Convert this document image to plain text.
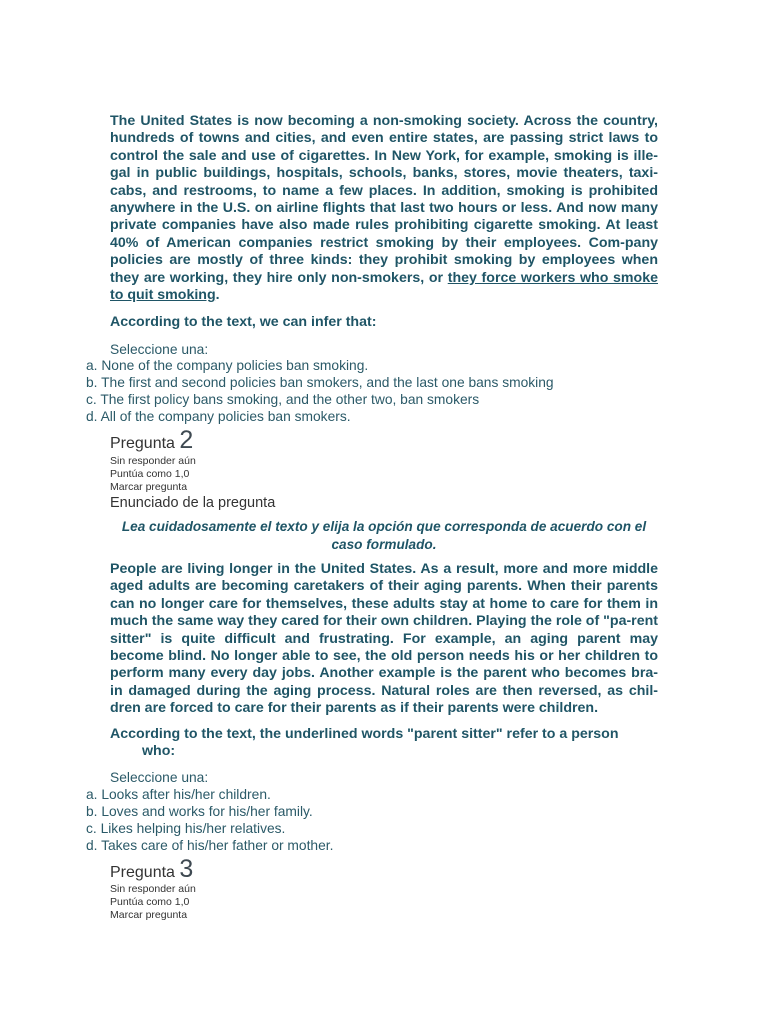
The United States is now becoming a non-smoking society. Across the country, hundreds of towns and cities, and even entire states, are passing strict laws to control the sale and use of cigarettes. In New York, for example, smoking is ille-gal in public buildings, hospitals, schools, banks, stores, movie theaters, taxi-cabs, and restrooms, to name a few places. In addition, smoking is prohibited anywhere in the U.S. on airline flights that last two hours or less. And now many private companies have also made rules prohibiting cigarette smoking. At least 40% of American companies restrict smoking by their employees. Com-pany policies are mostly of three kinds: they prohibit smoking by employees when they are working, they hire only non-smokers, or they force workers who smoke to quit smoking.

According to the text, we can infer that:

Seleccione una:

a. None of the company policies ban smoking.
b. The first and second policies ban smokers, and the last one bans smoking
c. The first policy bans smoking, and the other two, ban smokers
d. All of the company policies ban smokers.

Pregunta 2

Sin responder aún

Puntúa como 1,0

Marcar pregunta

Enunciado de la pregunta

Lea cuidadosamente el texto y elija la opción que corresponda de acuerdo con el caso formulado.

People are living longer in the United States. As a result, more and more middle aged adults are becoming caretakers of their aging parents. When their parents can no longer care for themselves, these adults stay at home to care for them in much the same way they cared for their own children. Playing the role of "pa-rent sitter" is quite difficult and frustrating. For example, an aging parent may become blind. No longer able to see, the old person needs his or her children to perform many every day jobs. Another example is the parent who becomes bra-in damaged during the aging process. Natural roles are then reversed, as chil-dren are forced to care for their parents as if their parents were children.

According to the text, the underlined words "parent sitter" refer to a person
who:

Seleccione una:

a. Looks after his/her children.
b. Loves and works for his/her family.
c. Likes helping his/her relatives.
d. Takes care of his/her father or mother.

Pregunta 3

Sin responder aún

Puntúa como 1,0

Marcar pregunta
